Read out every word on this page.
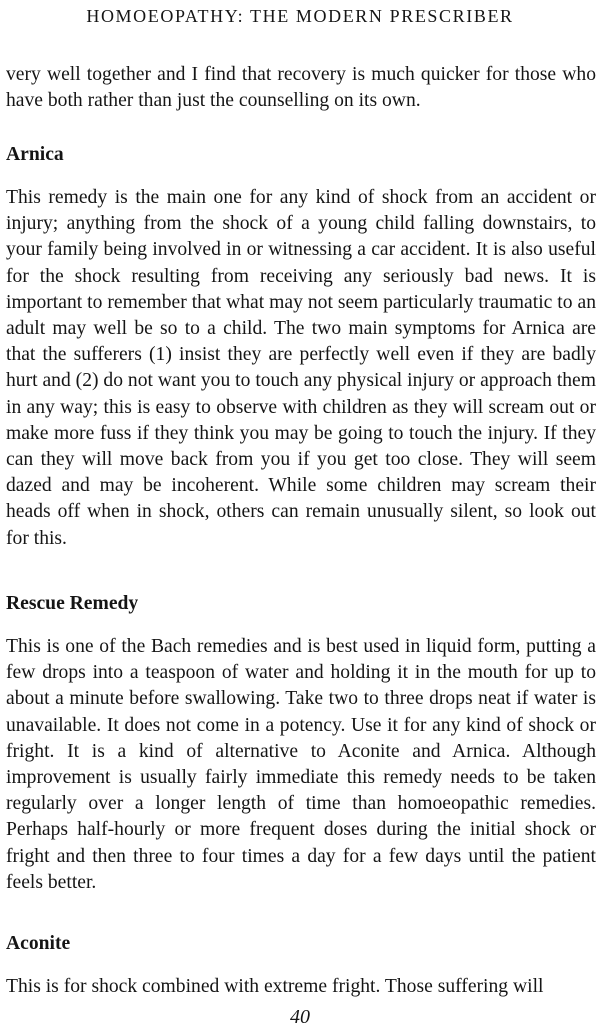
HOMOEOPATHY: THE MODERN PRESCRIBER

very well together and I find that recovery is much quicker for those who have both rather than just the counselling on its own.

Arnica

This remedy is the main one for any kind of shock from an accident or injury; anything from the shock of a young child falling downstairs, to your family being involved in or witnessing a car accident. It is also useful for the shock resulting from receiving any seriously bad news. It is important to remember that what may not seem particularly traumatic to an adult may well be so to a child. The two main symptoms for Arnica are that the sufferers (1) insist they are perfectly well even if they are badly hurt and (2) do not want you to touch any physical injury or approach them in any way; this is easy to observe with children as they will scream out or make more fuss if they think you may be going to touch the injury. If they can they will move back from you if you get too close. They will seem dazed and may be incoherent. While some children may scream their heads off when in shock, others can remain unusually silent, so look out for this.

Rescue Remedy

This is one of the Bach remedies and is best used in liquid form, putting a few drops into a teaspoon of water and holding it in the mouth for up to about a minute before swallowing. Take two to three drops neat if water is unavailable. It does not come in a potency. Use it for any kind of shock or fright. It is a kind of alternative to Aconite and Arnica. Although improvement is usually fairly immediate this remedy needs to be taken regularly over a longer length of time than homoeopathic remedies. Perhaps half-hourly or more frequent doses during the initial shock or fright and then three to four times a day for a few days until the patient feels better.

Aconite

This is for shock combined with extreme fright. Those suffering will

40
